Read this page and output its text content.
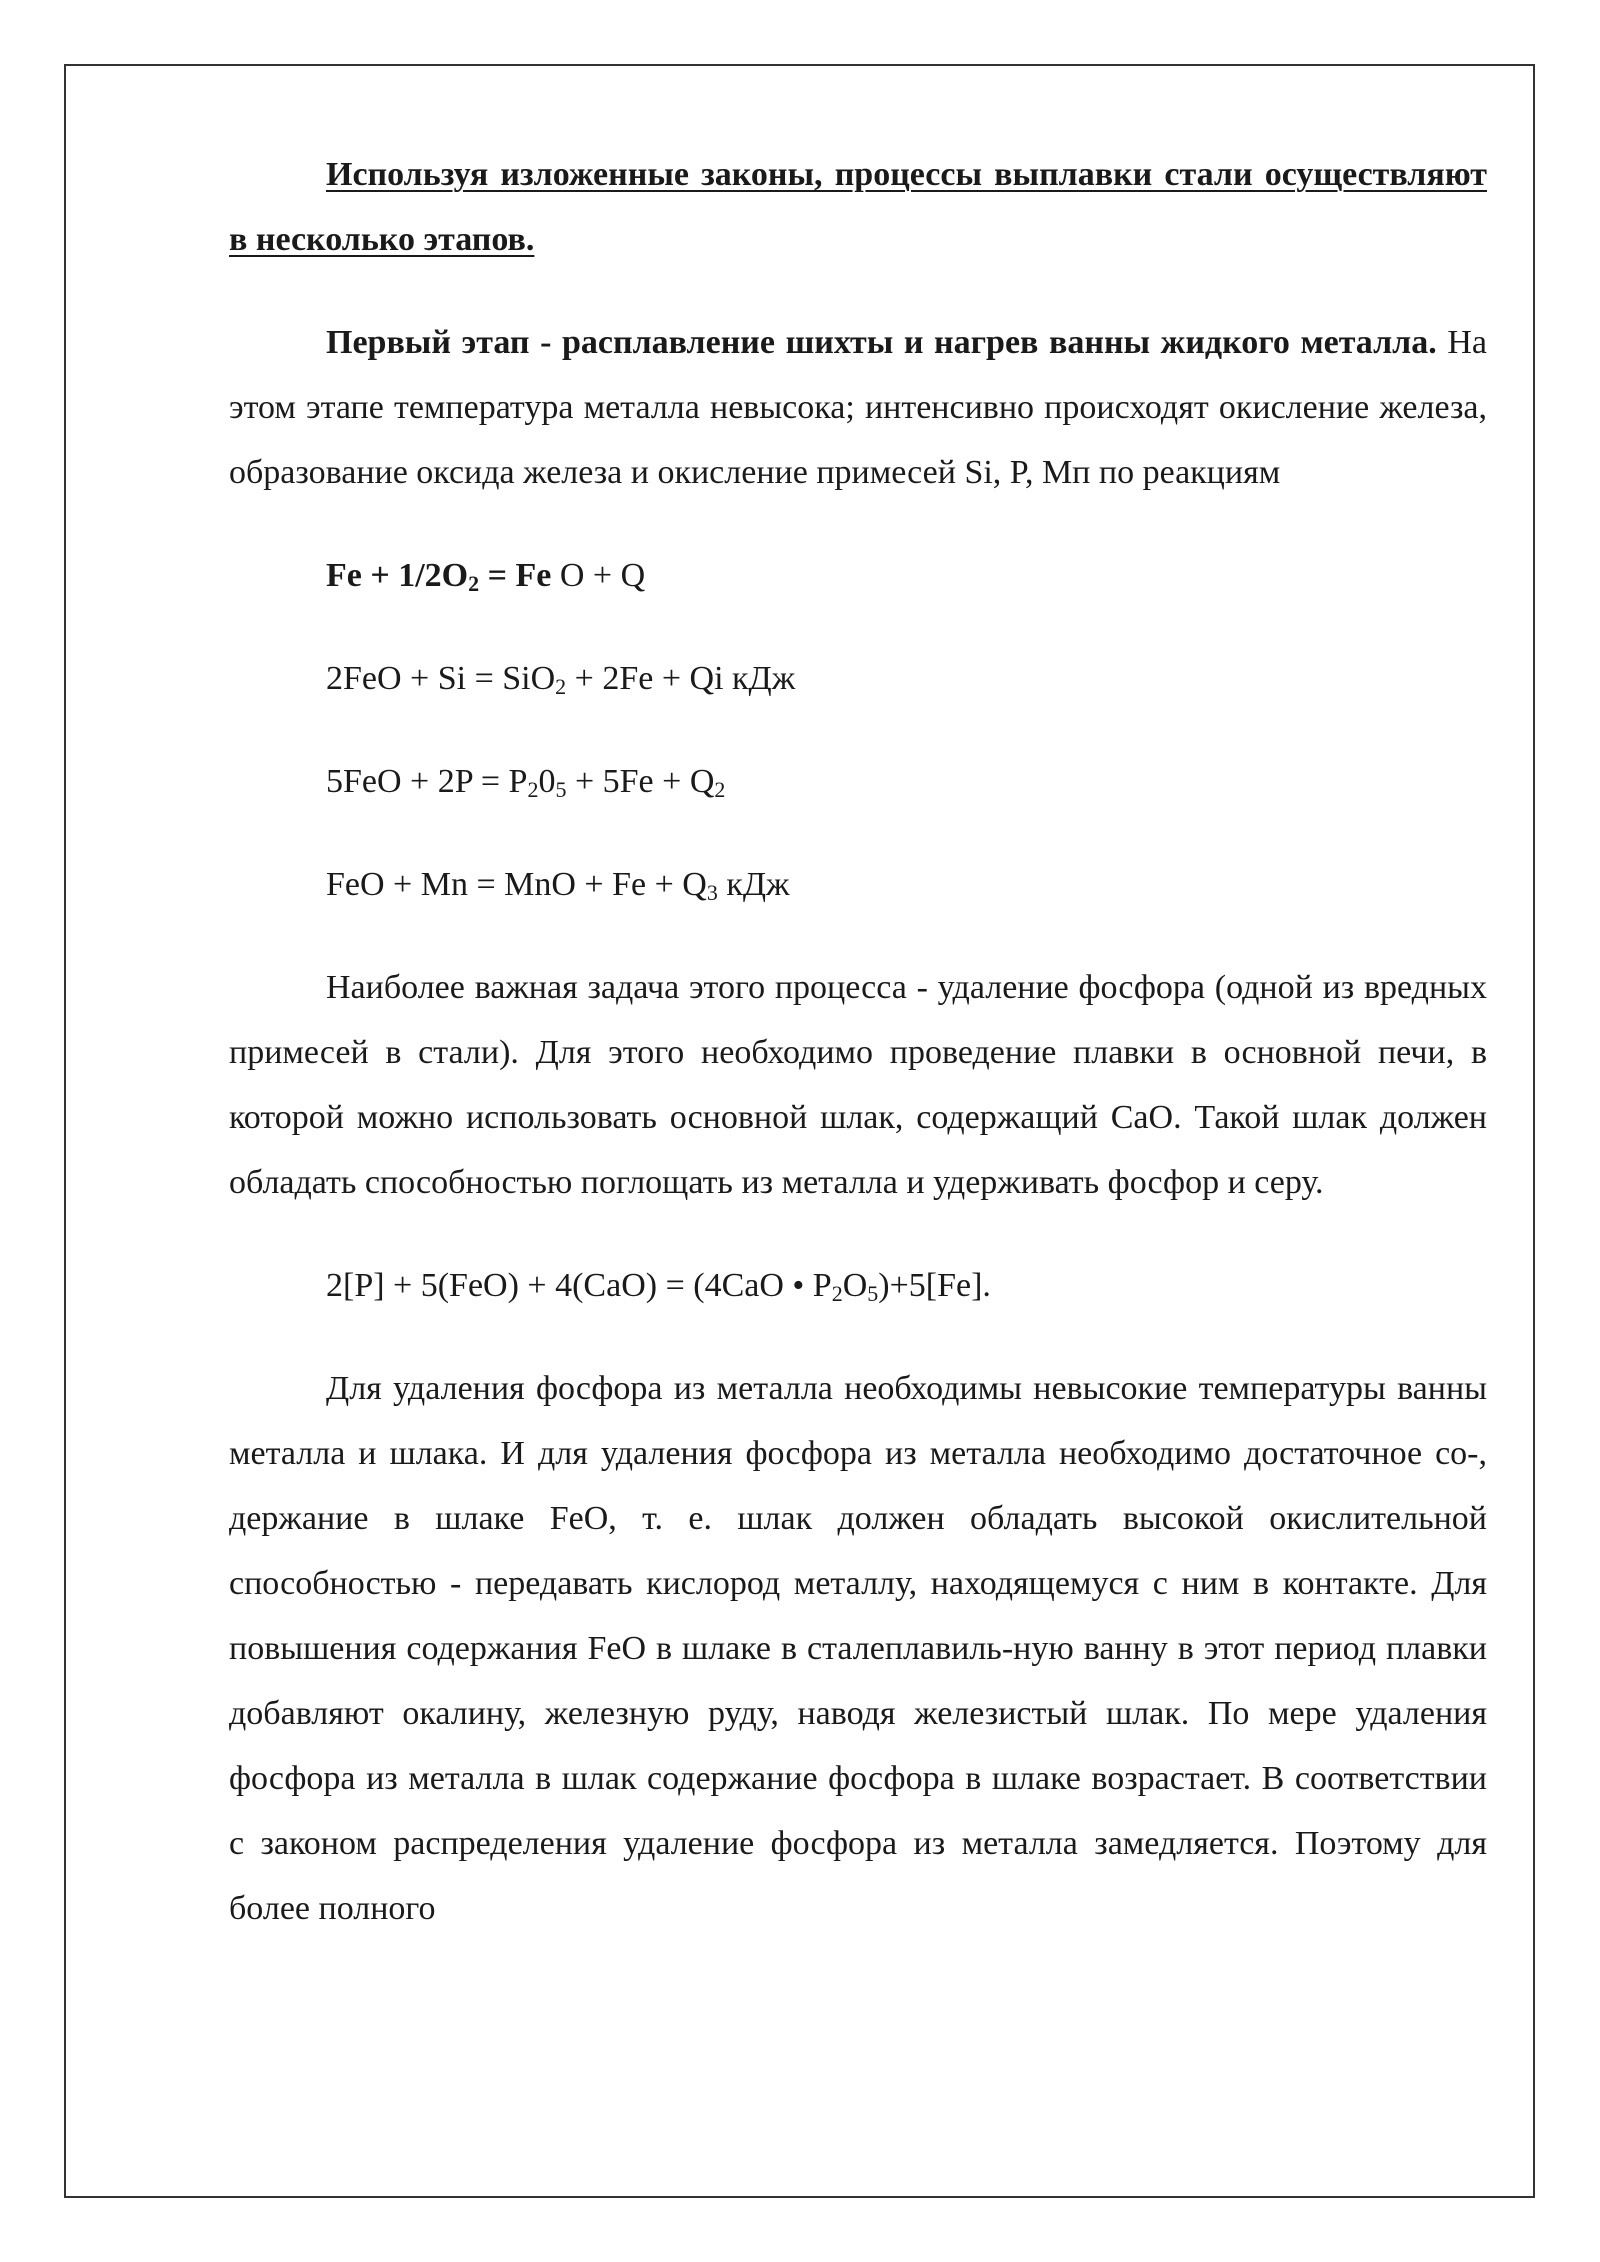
Используя изложенные законы, процессы выплавки стали осуществляют в несколько этапов.

Первый этап - расплавление шихты и нагрев ванны жидкого металла. На этом этапе температура металла невысока; интенсивно происходят окисление железа, образование оксида железа и окисление примесей Si, P, Мп по реакциям

$Fe + 1/2O_2 = Fe$ O + Q

2FeO + Si = SiO$_2$ + 2Fe + Qi кДж

$5FeO + 2P = P_20_5 + 5Fe + Q_2$

FeO + Mn = MnO + $Fe + Q_3$ кДж

Наиболее важная задача этого процесса - удаление фосфора (одной из вредных примесей в стали). Для этого необходимо проведение плавки в основной печи, в которой можно использовать основной шлак, содержащий CaO. Такой шлак должен обладать способностью поглощать из металла и удерживать фосфор и серу.

2[P] + 5(FeO) + 4(CaO) = (4CaO • $P_2O_5)+5[Fe]$.

Для удаления фосфора из металла необходимы невысокие температуры ванны металла и шлака. И для удаления фосфора из металла необходимо достаточное со-, держание в шлаке FeO, т. е. шлак должен обладать высокой окислительной способностью - передавать кислород металлу, находящемуся с ним в контакте. Для повышения содержания FeO в шлаке в сталеплавиль-ную ванну в этот период плавки добавляют окалину, железную руду, наводя железистый шлак. По мере удаления фосфора из металла в шлак содержание фосфора в шлаке возрастает. В соответствии с законом распределения удаление фосфора из металла замедляется. Поэтому для более полного
